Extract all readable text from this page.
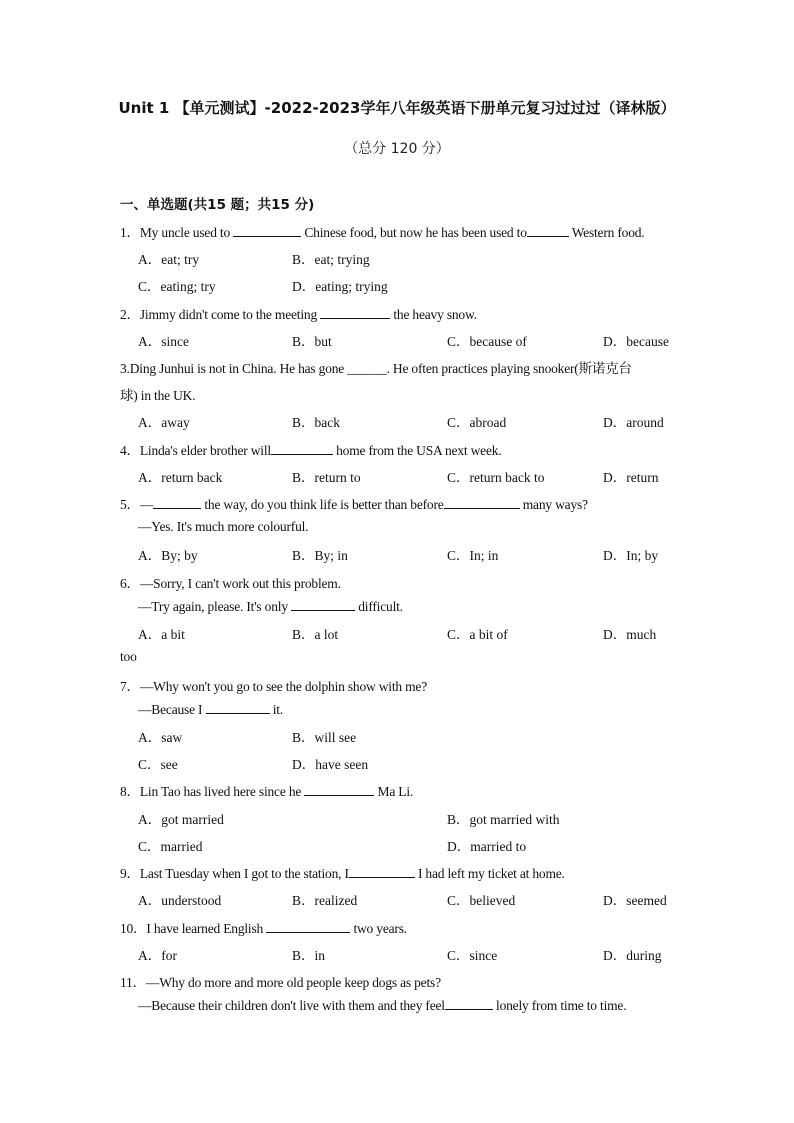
Unit 1 【单元测试】-2022-2023学年八年级英语下册单元复习过过过（译林版）
（总分 120 分）
一、单选题(共15 题；共15 分)
1．My uncle used to	Chinese food, but now he has been used to	Western food.
A．eat; try	B．eat; trying
C．eating; try	D．eating; trying
2．Jimmy didn't come to the meeting	the heavy snow.
A．since	B．but	C．because of	D．because
3.Ding Junhui is not in China. He has gone ______. He often practices playing snooker(斯诺克台
球) in the UK.
A．away	B．back	C．abroad	D．around
4．Linda's elder brother will	home from the USA next week.
A．return back	B．return to	C．return back to	D．return
5．—	the way, do you think life is better than before	many ways?
—Yes. It's much more colourful.
A．By; by	B．By; in	C．In; in	D．In; by
6．—Sorry, I can't work out this problem.
—Try again, please. It's only	difficult.
A．a bit	B．a lot	C．a bit of	D．much
too
7．—Why won't you go to see the dolphin show with me?
—Because I	it.
A．saw	B．will see
C．see	D．have seen
8．Lin Tao has lived here since he	Ma Li.
A．got married	B．got married with
C．married	D．married to
9．Last Tuesday when I got to the station, I	I had left my ticket at home.
A．understood	B．realized	C．believed	D．seemed
10．I have learned English	two years.
A．for	B．in	C．since	D．during
11．—Why do more and more old people keep dogs as pets?
—Because their children don't live with them and they feel	lonely from time to time.
